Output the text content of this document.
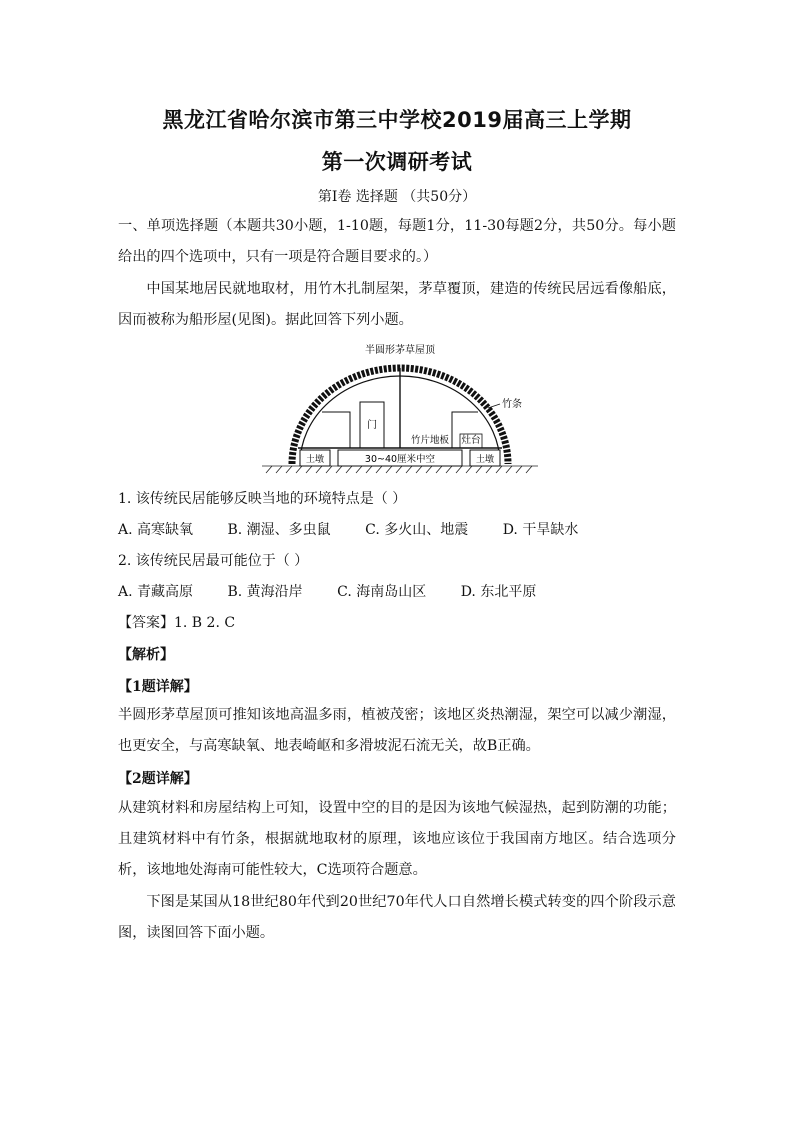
黑龙江省哈尔滨市第三中学校2019届高三上学期
第一次调研考试
第Ⅰ卷 选择题 （共50分）
一、单项选择题（本题共30小题，1-10题，每题1分，11-30每题2分，共50分。每小题给出的四个选项中，只有一项是符合题目要求的。）
中国某地居民就地取材，用竹木扎制屋架，茅草覆顶，建造的传统民居远看像船底，因而被称为船形屋(见图)。据此回答下列小题。
半圆形茅草屋顶
竹条
门
竹片地板 灶台
土墩	土墩
30~40厘米中空
1. 该传统民居能够反映当地的环境特点是（ ）
A. 高寒缺氧 B. 潮湿、多虫鼠 C. 多火山、地震 D. 干旱缺水
2. 该传统民居最可能位于（ ）
A. 青藏高原 B. 黄海沿岸 C. 海南岛山区 D. 东北平原
【答案】1. B 2. C
【解析】
【1题详解】
半圆形茅草屋顶可推知该地高温多雨，植被茂密；该地区炎热潮湿，架空可以减少潮湿，也更安全，与高寒缺氧、地表崎岖和多滑坡泥石流无关，故B正确。
【2题详解】
从建筑材料和房屋结构上可知，设置中空的目的是因为该地气候湿热，起到防潮的功能；且建筑材料中有竹条，根据就地取材的原理，该地应该位于我国南方地区。结合选项分析，该地地处海南可能性较大，C选项符合题意。
下图是某国从18世纪80年代到20世纪70年代人口自然增长模式转变的四个阶段示意图，读图回答下面小题。
